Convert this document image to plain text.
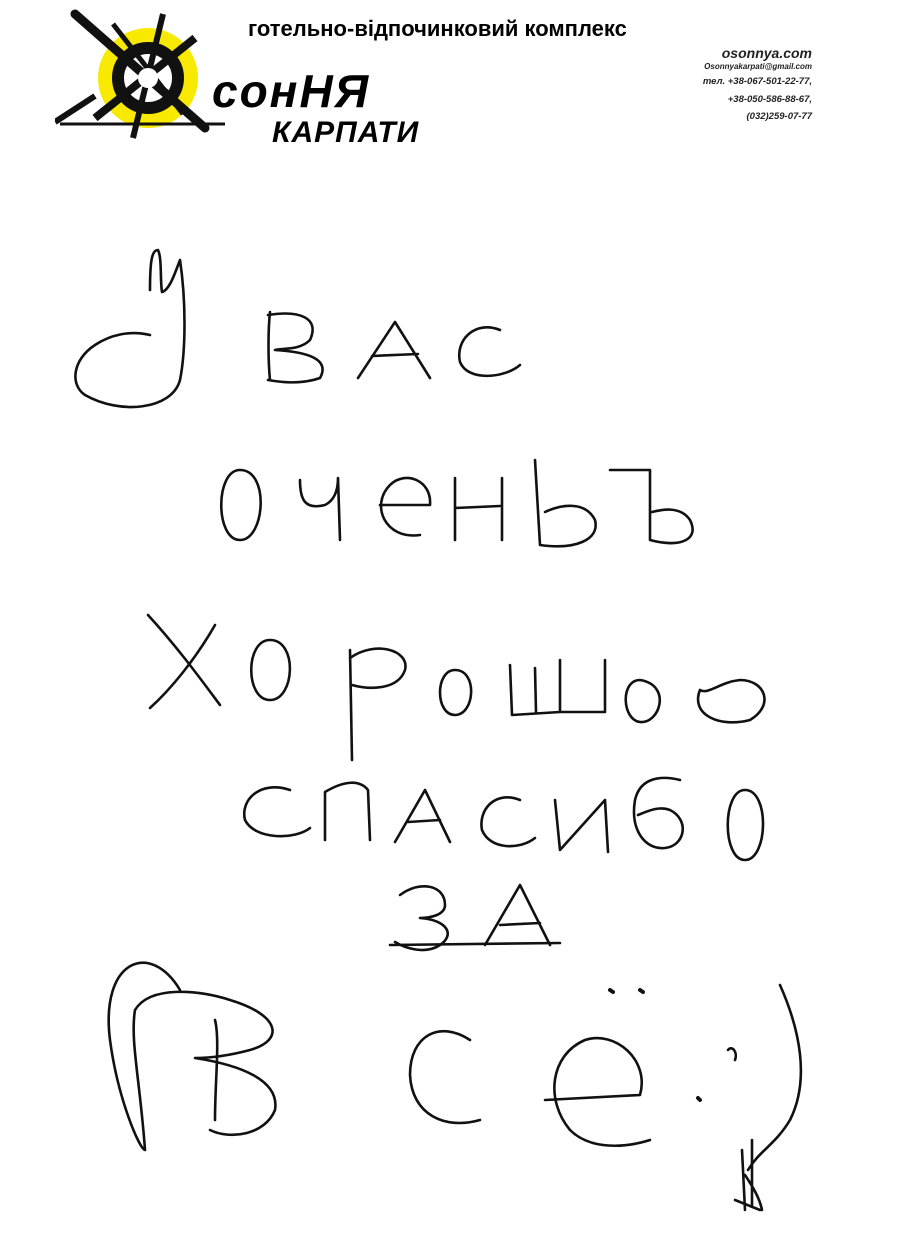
сонНЯ
КАРПАТИ
готельно-відпочинковий комплекс
osonnya.com
Osonnyakarpati@gmail.com
тел. +38-067-501-22-77,
+38-050-586-88-67,
(032)259-07-77
